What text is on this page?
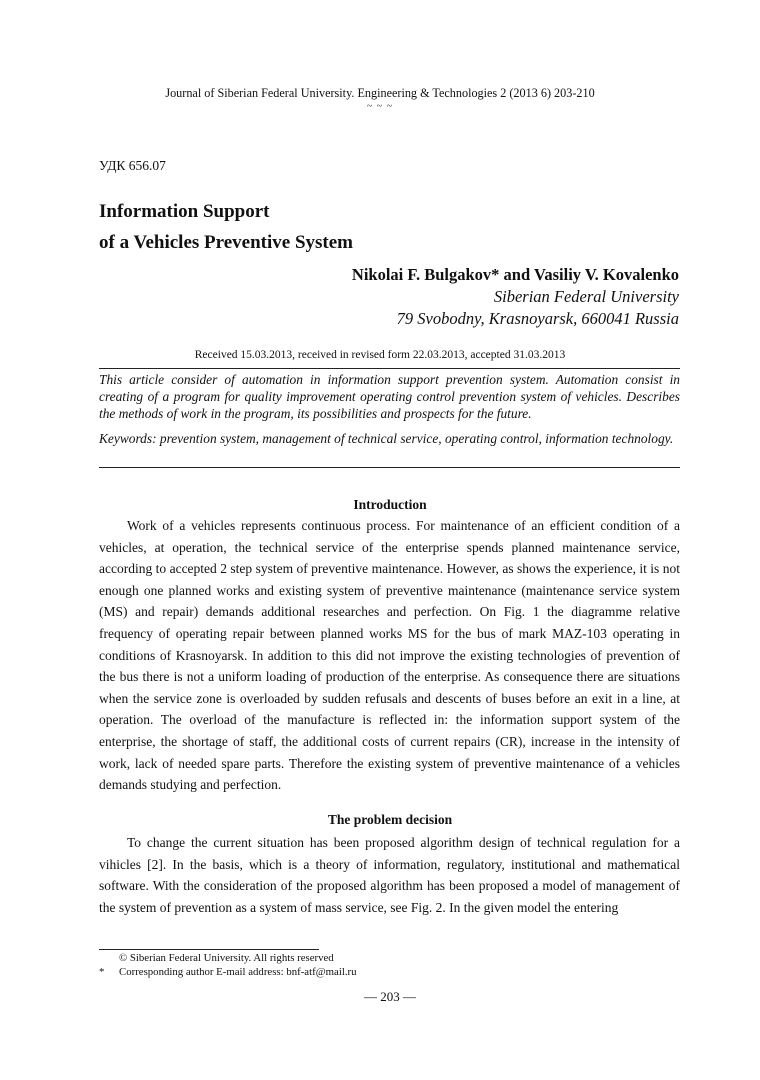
Journal of Siberian Federal University. Engineering & Technologies 2 (2013 6) 203-210
~ ~ ~
УДК 656.07
Information Support
of a Vehicles Preventive System
Nikolai F. Bulgakov* and Vasiliy V. Kovalenko
Siberian Federal University
79 Svobodny, Krasnoyarsk, 660041 Russia
Received 15.03.2013, received in revised form 22.03.2013, accepted 31.03.2013
This article consider of automation in information support prevention system. Automation consist in creating of a program for quality improvement operating control prevention system of vehicles. Describes the methods of work in the program, its possibilities and prospects for the future.
Keywords: prevention system, management of technical service, operating control, information technology.
Introduction
Work of a vehicles represents continuous process. For maintenance of an efficient condition of a vehicles, at operation, the technical service of the enterprise spends planned maintenance service, according to accepted 2 step system of preventive maintenance. However, as shows the experience, it is not enough one planned works and existing system of preventive maintenance (maintenance service system (MS) and repair) demands additional researches and perfection. On Fig. 1 the diagramme relative frequency of operating repair between planned works MS for the bus of mark MAZ-103 operating in conditions of Krasnoyarsk. In addition to this did not improve the existing technologies of prevention of the bus there is not a uniform loading of production of the enterprise. As consequence there are situations when the service zone is overloaded by sudden refusals and descents of buses before an exit in a line, at operation. The overload of the manufacture is reflected in: the information support system of the enterprise, the shortage of staff, the additional costs of current repairs (CR), increase in the intensity of work, lack of needed spare parts. Therefore the existing system of preventive maintenance of a vehicles demands studying and perfection.
The problem decision
To change the current situation has been proposed algorithm design of technical regulation for a vihicles [2]. In the basis, which is a theory of information, regulatory, institutional and mathematical software. With the consideration of the proposed algorithm has been proposed a model of management of the system of prevention as a system of mass service, see Fig. 2. In the given model the entering
© Siberian Federal University. All rights reserved
*	Corresponding author E-mail address: bnf-atf@mail.ru
— 203 —
